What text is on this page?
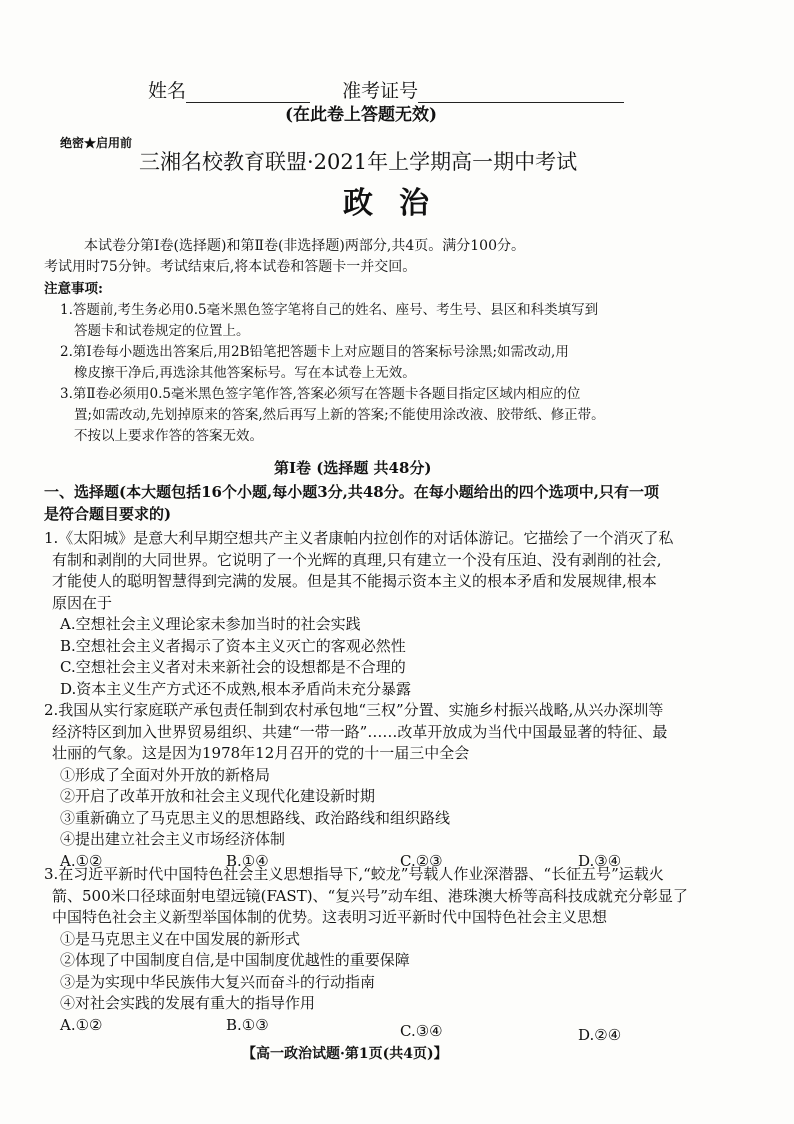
姓名	准考证号
(在此卷上答题无效)
绝密★启用前
三湘名校教育联盟·2021年上学期高一期中考试
政治

本试卷分第Ⅰ卷(选择题)和第Ⅱ卷(非选择题)两部分,共4页。满分100分。

考试用时75分钟。考试结束后,将本试卷和答题卡一并交回。

注意事项:

1.答题前,考生务必用0.5毫米黑色签字笔将自己的姓名、座号、考生号、县区和科类填写到

答题卡和试卷规定的位置上。

2.第Ⅰ卷每小题选出答案后,用2B铅笔把答题卡上对应题目的答案标号涂黑;如需改动,用

橡皮擦干净后,再选涂其他答案标号。写在本试卷上无效。

3.第Ⅱ卷必须用0.5毫米黑色签字笔作答,答案必须写在答题卡各题目指定区域内相应的位

置;如需改动,先划掉原来的答案,然后再写上新的答案;不能使用涂改液、胶带纸、修正带。

不按以上要求作答的答案无效。

第Ⅰ卷 (选择题 共48分)

一、选择题(本大题包括16个小题,每小题3分,共48分。在每小题给出的四个选项中,只有一项

是符合题目要求的)

1.《太阳城》是意大利早期空想共产主义者康帕内拉创作的对话体游记。它描绘了一个消灭了私

有制和剥削的大同世界。它说明了一个光辉的真理,只有建立一个没有压迫、没有剥削的社会,

才能使人的聪明智慧得到完满的发展。但是其不能揭示资本主义的根本矛盾和发展规律,根本

原因在于

A.空想社会主义理论家未参加当时的社会实践

B.空想社会主义者揭示了资本主义灭亡的客观必然性

C.空想社会主义者对未来新社会的设想都是不合理的

D.资本主义生产方式还不成熟,根本矛盾尚未充分暴露

2.我国从实行家庭联产承包责任制到农村承包地“三权”分置、实施乡村振兴战略,从兴办深圳等

经济特区到加入世界贸易组织、共建“一带一路”……改革开放成为当代中国最显著的特征、最

壮丽的气象。这是因为1978年12月召开的党的十一届三中全会

①形成了全面对外开放的新格局

②开启了改革开放和社会主义现代化建设新时期

③重新确立了马克思主义的思想路线、政治路线和组织路线

④提出建立社会主义市场经济体制

A.①②	B.①④	C.②③	D.③④

3.在习近平新时代中国特色社会主义思想指导下,“蛟龙”号载人作业深潜器、“长征五号”运载火

箭、500米口径球面射电望远镜(FAST)、“复兴号”动车组、港珠澳大桥等高科技成就充分彰显了

中国特色社会主义新型举国体制的优势。这表明习近平新时代中国特色社会主义思想

①是马克思主义在中国发展的新形式

②体现了中国制度自信,是中国制度优越性的重要保障

③是为实现中华民族伟大复兴而奋斗的行动指南

④对社会实践的发展有重大的指导作用

A.①②	B.①③	C.③④	D.②④
【高一政治试题·第1页(共4页)】
